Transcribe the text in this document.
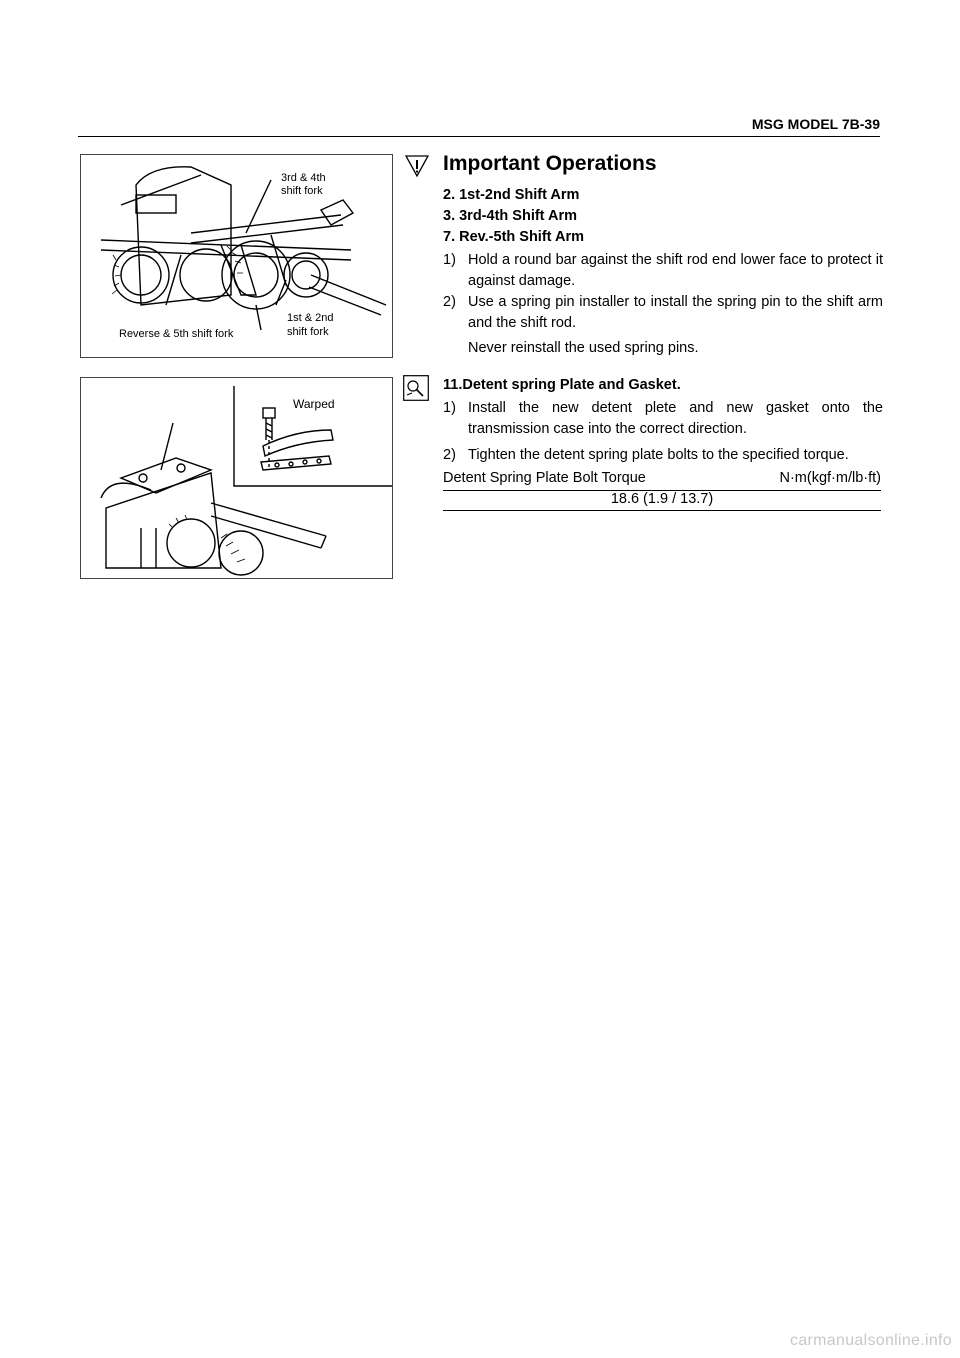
MSG MODEL 7B-39
3rd & 4th
shift fork
1st & 2nd
shift fork
Reverse & 5th shift fork
Warped
Important Operations
2. 1st-2nd Shift Arm
3. 3rd-4th Shift Arm
7. Rev.-5th Shift Arm
1) Hold a round bar against the shift rod end lower face to protect it against damage.
2) Use a spring pin installer to install the spring pin to the shift arm and the shift rod.
Never reinstall the used spring pins.
11.Detent spring Plate and Gasket.
1) Install the new detent plete and new gasket onto the transmission case into the correct direction.
2) Tighten the detent spring plate bolts to the specified torque.
Detent Spring Plate Bolt Torque	N·m(kgf·m/lb·ft)
18.6 (1.9 / 13.7)
carmanualsonline.info
